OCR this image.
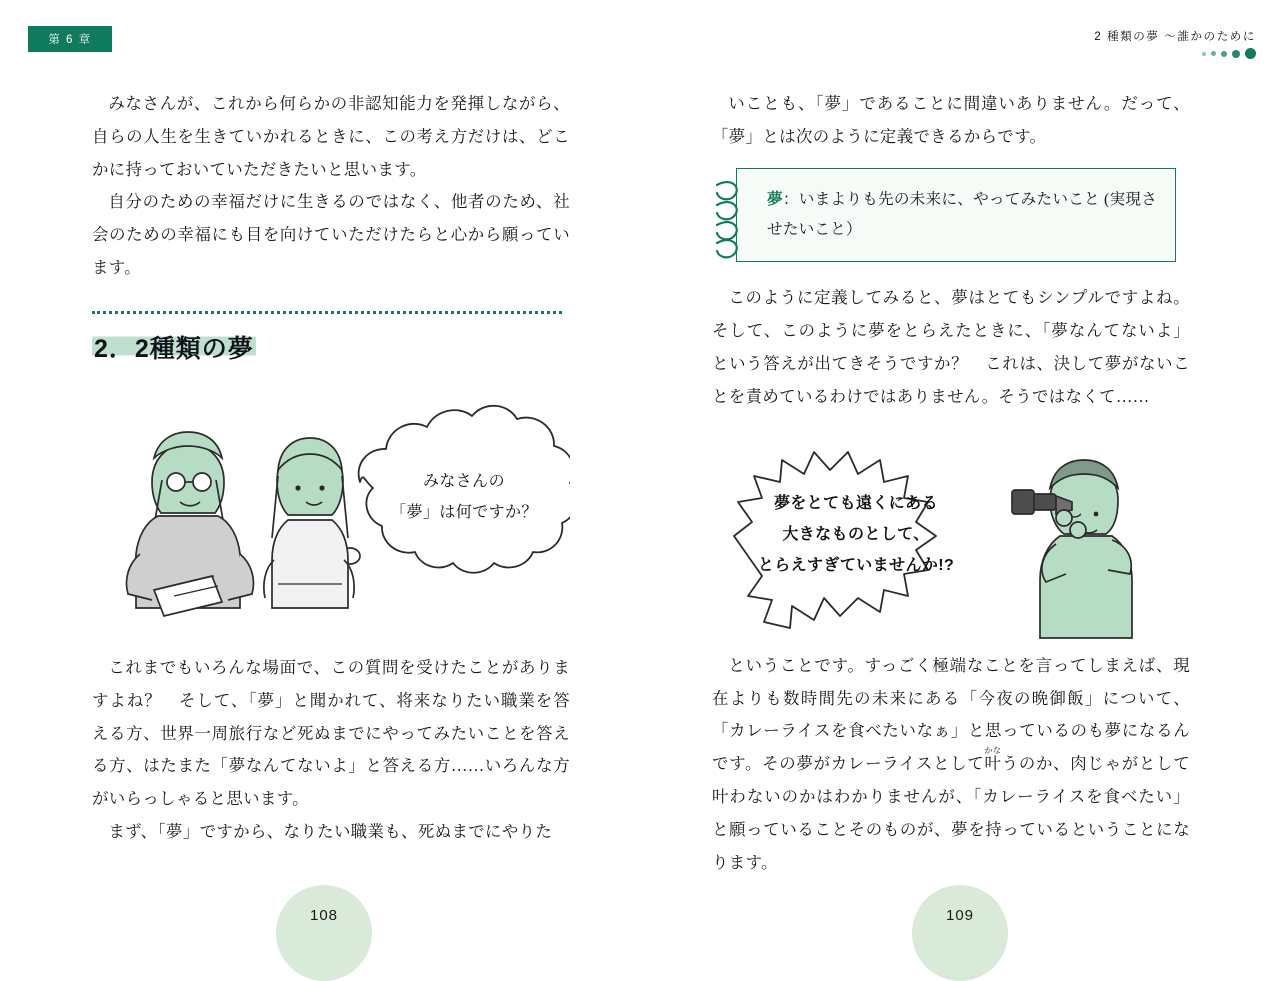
第 6 章

みなさんが、これから何らかの非認知能力を発揮しながら、自らの人生を生きていかれるときに、この考え方だけは、どこかに持っておいていただきたいと思います。

自分のための幸福だけに生きるのではなく、他者のため、社会のための幸福にも目を向けていただけたらと心から願っています。

2．2種類の夢
みなさんの
「夢」は何ですか？

これまでもいろんな場面で、この質問を受けたことがありますよね？　そして、「夢」と聞かれて、将来なりたい職業を答える方、世界一周旅行など死ぬまでにやってみたいことを答える方、はたまた「夢なんてないよ」と答える方……いろんな方がいらっしゃると思います。

まず、「夢」ですから、なりたい職業も、死ぬまでにやりた

108
2 種類の夢 〜誰かのために

いことも、「夢」であることに間違いありません。だって、「夢」とは次のように定義できるからです。

夢：いまよりも先の未来に、やってみたいこと (実現させたいこと）

このように定義してみると、夢はとてもシンプルですよね。そして、このように夢をとらえたときに、「夢なんてないよ」という答えが出てきそうですか？　これは、決して夢がないことを責めているわけではありません。そうではなくて……

夢をとても遠くにある
大きなものとして、
とらえすぎていませんか!?

ということです。すっごく極端なことを言ってしまえば、現在よりも数時間先の未来にある「今夜の晩御飯」について、「カレーライスを食べたいなぁ」と思っているのも夢になるんです。その夢がカレーライスとして叶かなうのか、肉じゃがとして叶わないのかはわかりませんが、「カレーライスを食べたい」と願っていることそのものが、夢を持っているということになります。

109
